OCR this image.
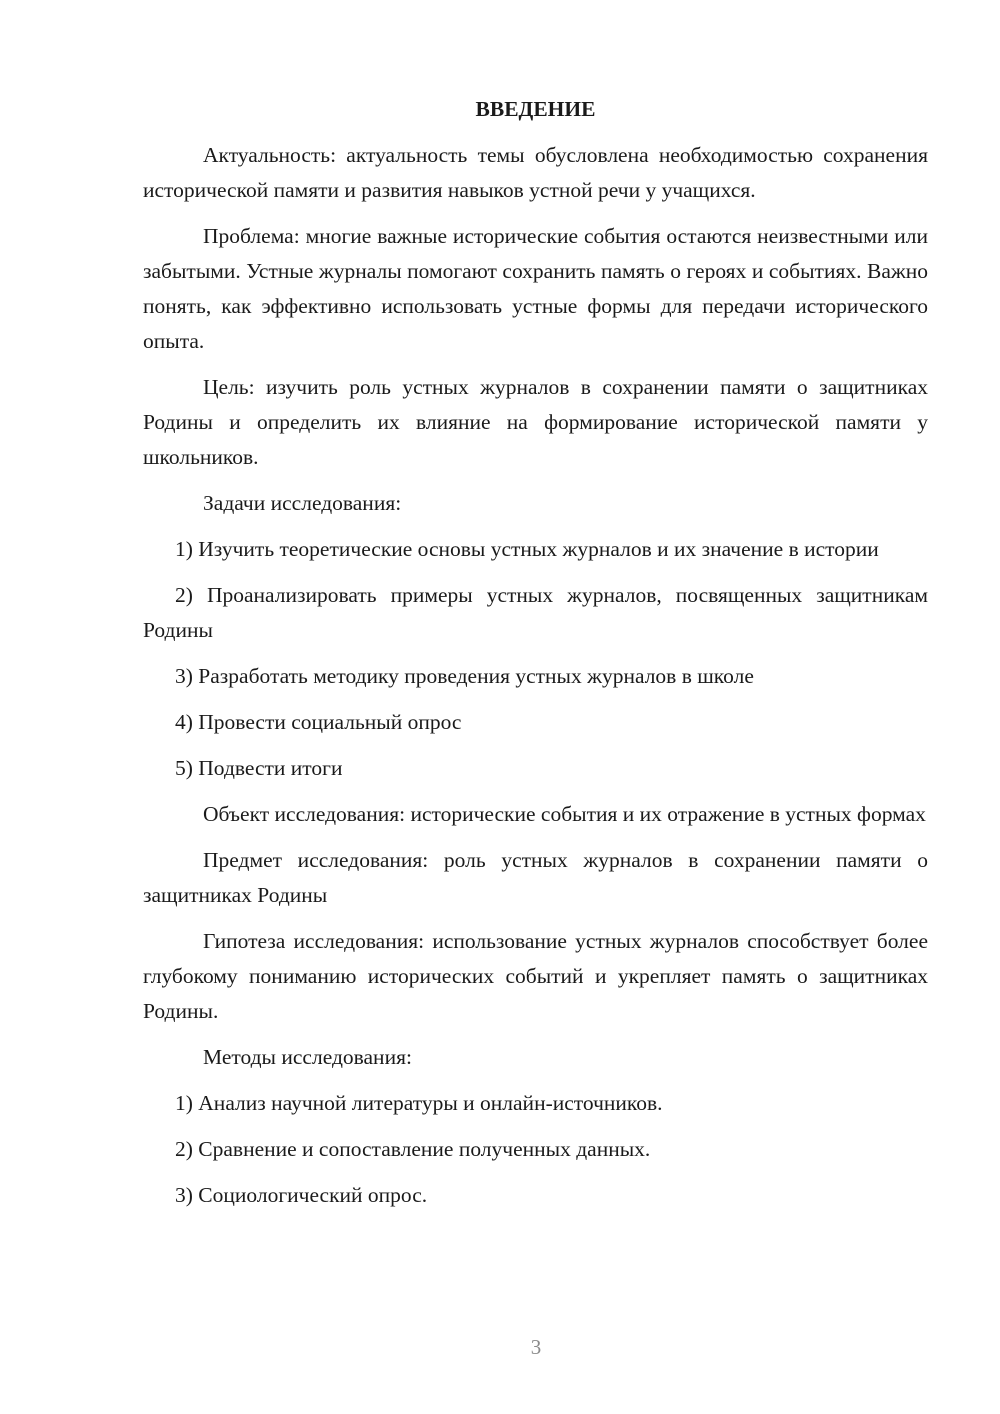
ВВЕДЕНИЕ

Актуальность: актуальность темы обусловлена необходимостью сохранения исторической памяти и развития навыков устной речи у учащихся.

Проблема: многие важные исторические события остаются неизвестными или забытыми. Устные журналы помогают сохранить память о героях и событиях. Важно понять, как эффективно использовать устные формы для передачи исторического опыта.

Цель: изучить роль устных журналов в сохранении памяти о защитниках Родины и определить их влияние на формирование исторической памяти у школьников.

Задачи исследования:

1) Изучить теоретические основы устных журналов и их значение в истории

2) Проанализировать примеры устных журналов, посвященных защитникам Родины

3) Разработать методику проведения устных журналов в школе

4) Провести социальный опрос

5) Подвести итоги

Объект исследования: исторические события и их отражение в устных формах

Предмет исследования: роль устных журналов в сохранении памяти о защитниках Родины

Гипотеза исследования: использование устных журналов способствует более глубокому пониманию исторических событий и укрепляет память о защитниках Родины.

Методы исследования:

1) Анализ научной литературы и онлайн-источников.

2) Сравнение и сопоставление полученных данных.

3) Социологический опрос.

3
